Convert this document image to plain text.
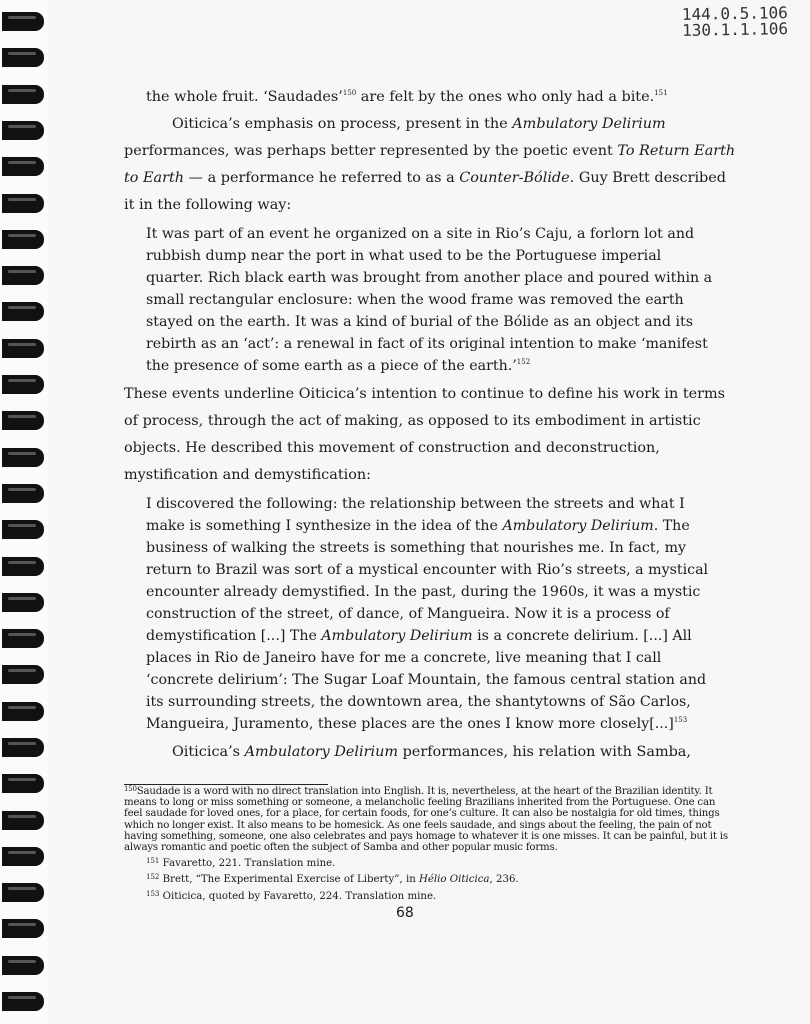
144.0.5.106
130.1.1.106

the whole fruit. ‘Saudades’$^{150}$ are felt by the ones who only had a bite.$^{151}$

Oiticica’s emphasis on process, present in the Ambulatory Delirium performances, was perhaps better represented by the poetic event To Return Earth to Earth — a performance he referred to as a Counter-Bólide. Guy Brett described it in the following way:

It was part of an event he organized on a site in Rio’s Caju, a forlorn lot and rubbish dump near the port in what used to be the Portuguese imperial quarter. Rich black earth was brought from another place and poured within a small rectangular enclosure: when the wood frame was removed the earth stayed on the earth. It was a kind of burial of the Bólide as an object and its rebirth as an ‘act’: a renewal in fact of its original intention to make ‘manifest the presence of some earth as a piece of the earth.’$^{152}$

These events underline Oiticica’s intention to continue to define his work in terms of process, through the act of making, as opposed to its embodiment in artistic objects. He described this movement of construction and deconstruction, mystification and demystification:

I discovered the following: the relationship between the streets and what I make is something I synthesize in the idea of the Ambulatory Delirium. The business of walking the streets is something that nourishes me. In fact, my return to Brazil was sort of a mystical encounter with Rio’s streets, a mystical encounter already demystified. In the past, during the 1960s, it was a mystic construction of the street, of dance, of Mangueira. Now it is a process of demystification [...] The Ambulatory Delirium is a concrete delirium. [...] All places in Rio de Janeiro have for me a concrete, live meaning that I call ‘concrete delirium’: The Sugar Loaf Mountain, the famous central station and its surrounding streets, the downtown area, the shantytowns of São Carlos, Mangueira, Juramento, these places are the ones I know more closely[...]$^{153}$

Oiticica’s Ambulatory Delirium performances, his relation with Samba,

$^{150}$Saudade is a word with no direct translation into English. It is, nevertheless, at the heart of the Brazilian identity. It means to long or miss something or someone, a melancholic feeling Brazilians inherited from the Portuguese. One can feel saudade for loved ones, for a place, for certain foods, for one’s culture. It can also be nostalgia for old times, things which no longer exist. It also means to be homesick. As one feels saudade, and sings about the feeling, the pain of not having something, someone, one also celebrates and pays homage to whatever it is one misses. It can be painful, but it is always romantic and poetic often the subject of Samba and other popular music forms.

$^{151}$ Favaretto, 221. Translation mine.

$^{152}$ Brett, “The Experimental Exercise of Liberty”, in Hélio Oiticica, 236.

$^{153}$ Oiticica, quoted by Favaretto, 224. Translation mine.

68
